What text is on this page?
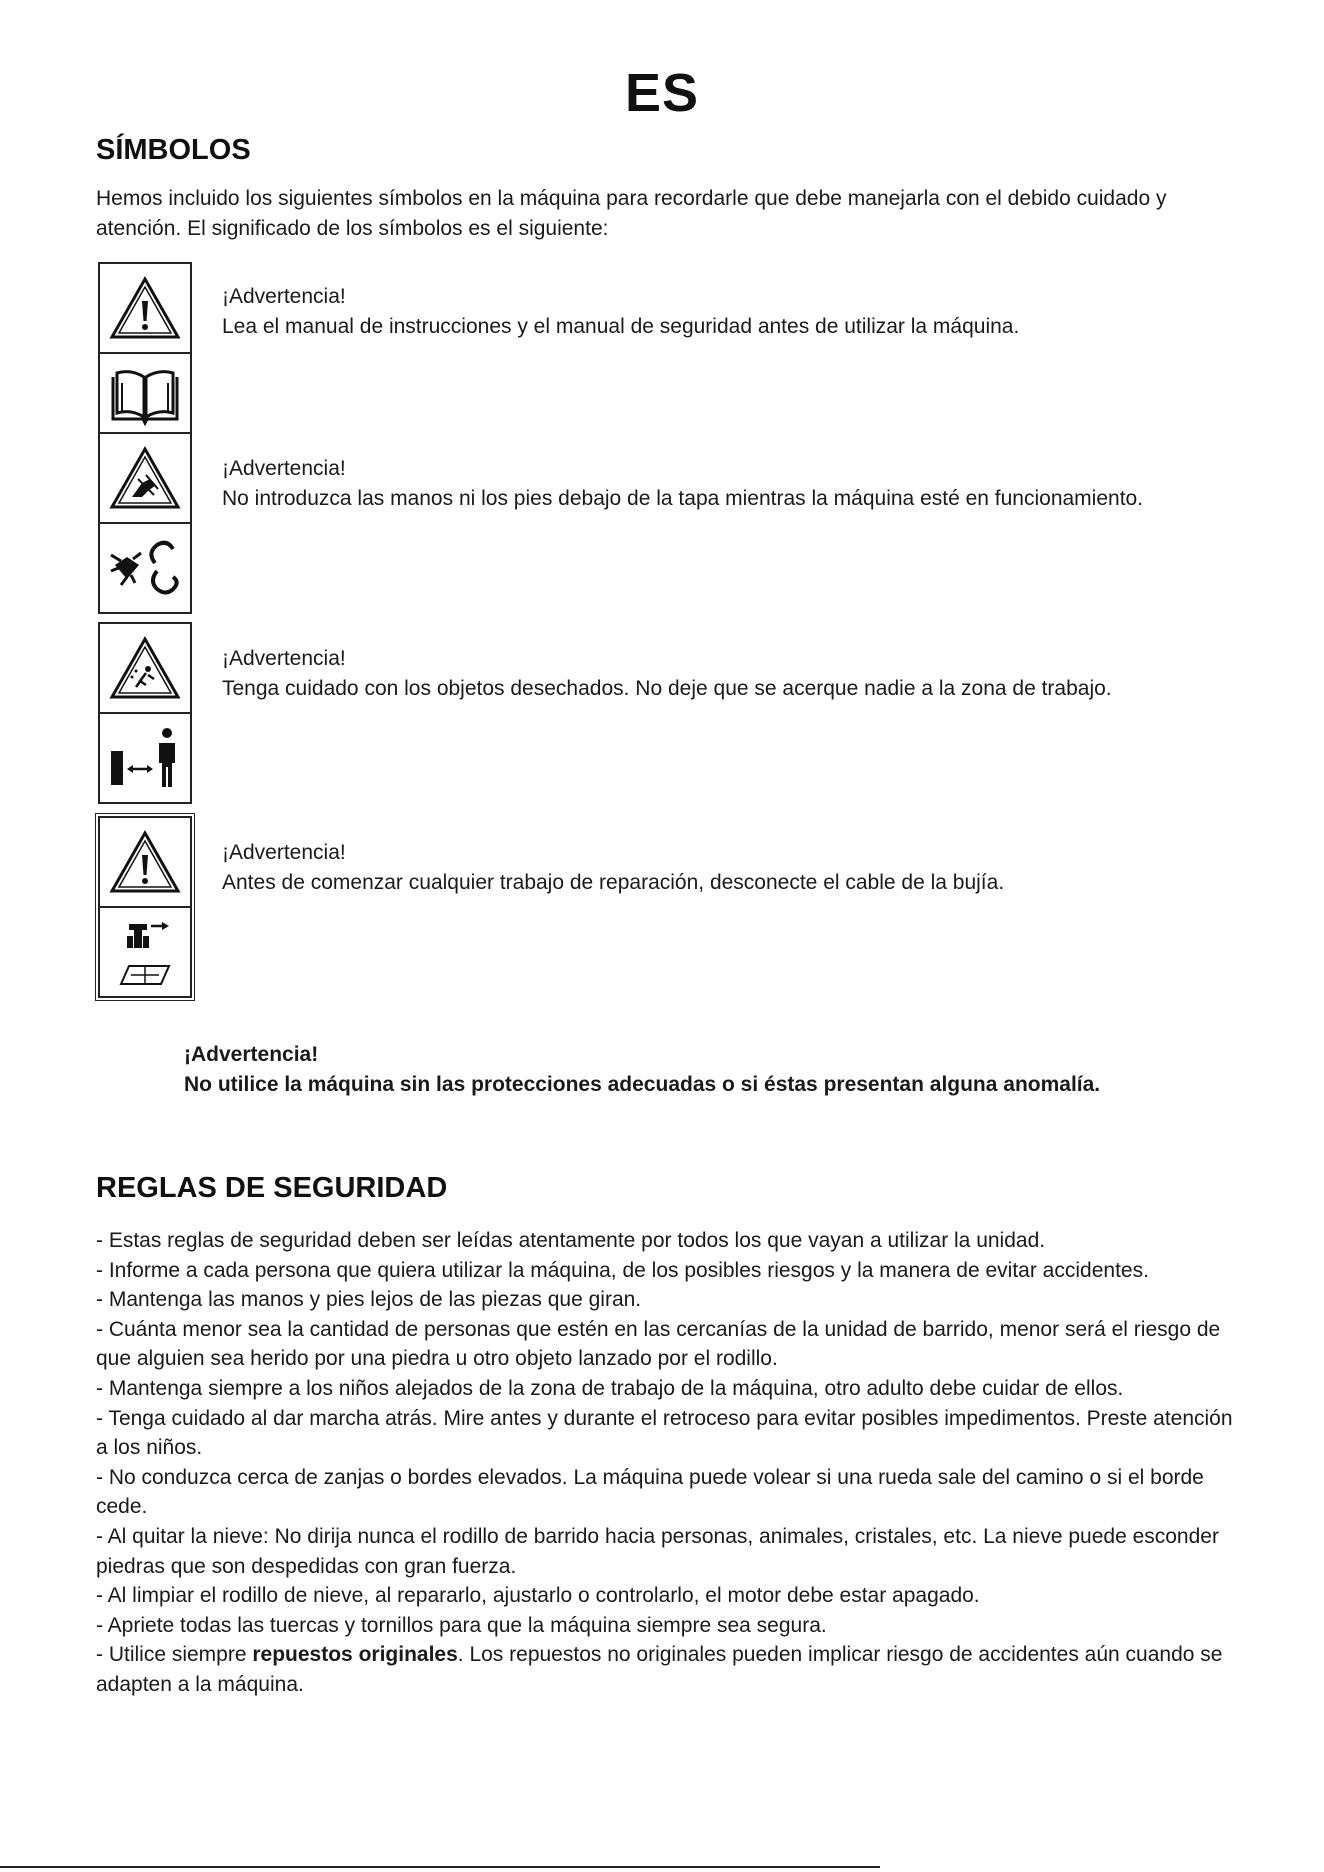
ES
SÍMBOLOS
Hemos incluido los siguientes símbolos en la máquina para recordarle que debe manejarla con el debido cuidado y atención. El significado de los símbolos es el siguiente:
¡Advertencia!
Lea el manual de instrucciones y el manual de seguridad antes de utilizar la máquina.
¡Advertencia!
No introduzca las manos ni los pies debajo de la tapa mientras la máquina esté en funcionamiento.
¡Advertencia!
Tenga cuidado con los objetos desechados. No deje que se acerque nadie a la zona de trabajo.
¡Advertencia!
Antes de comenzar cualquier trabajo de reparación, desconecte el cable de la bujía.
¡Advertencia!
No utilice la máquina sin las protecciones adecuadas o si éstas presentan alguna anomalía.
REGLAS DE SEGURIDAD

- Estas reglas de seguridad deben ser leídas atentamente por todos los que vayan a utilizar la unidad.

- Informe a cada persona que quiera utilizar la máquina, de los posibles riesgos y la manera de evitar accidentes.

- Mantenga las manos y pies lejos de las piezas que giran.

- Cuánta menor sea la cantidad de personas que estén en las cercanías de la unidad de barrido, menor será el riesgo de que alguien sea herido por una piedra u otro objeto lanzado por el rodillo.

- Mantenga siempre a los niños alejados de la zona de trabajo de la máquina, otro adulto debe cuidar de ellos.

- Tenga cuidado al dar marcha atrás. Mire antes y durante el retroceso para evitar posibles impedimentos. Preste atención a los niños.

- No conduzca cerca de zanjas o bordes elevados. La máquina puede volear si una rueda sale del camino o si el borde cede.

- Al quitar la nieve: No dirija nunca el rodillo de barrido hacia personas, animales, cristales, etc. La nieve puede esconder piedras que son despedidas con gran fuerza.

- Al limpiar el rodillo de nieve, al repararlo, ajustarlo o controlarlo, el motor debe estar apagado.

- Apriete todas las tuercas y tornillos para que la máquina siempre sea segura.

- Utilice siempre repuestos originales. Los repuestos no originales pueden implicar riesgo de accidentes aún cuando se adapten a la máquina.
